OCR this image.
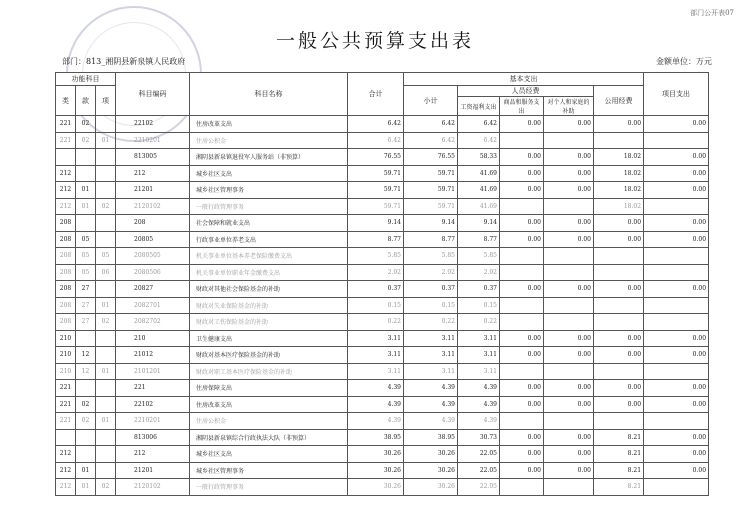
部门公开表07
一般公共预算支出表
部门：813_湘阴县新泉镇人民政府	金额单位：万元
功能科目			科目编码	科目名称	合计	基本支出					项目支出
类	款	项				小计	人员经费			公用经费	
							工资福利支出	商品和服务支出	对个人和家庭的补助		

221	02		22102	住房改革支出	6.42	6.42	6.42	0.00	0.00	0.00	0.00
221	02	01	2210201	住房公积金	6.42	6.42	6.42				
			813005	湘阴县新泉镇退役军人服务站（非预算）	76.55	76.55	58.33	0.00	0.00	18.02	0.00
212			212	城乡社区支出	59.71	59.71	41.69	0.00	0.00	18.02	0.00
212	01		21201	城乡社区管理事务	59.71	59.71	41.69	0.00	0.00	18.02	0.00
212	01	02	2120102	一般行政管理事务	59.71	59.71	41.69			18.02	
208			208	社会保障和就业支出	9.14	9.14	9.14	0.00	0.00	0.00	0.00
208	05		20805	行政事业单位养老支出	8.77	8.77	8.77	0.00	0.00	0.00	0.00
208	05	05	2080505	机关事业单位基本养老保险缴费支出	5.85	5.85	5.85				
208	05	06	2080506	机关事业单位职业年金缴费支出	2.92	2.92	2.92				
208	27		20827	财政对其他社会保险基金的补助	0.37	0.37	0.37	0.00	0.00	0.00	0.00
208	27	01	2082701	财政对失业保险基金的补助	0.15	0.15	0.15				
208	27	02	2082702	财政对工伤保险基金的补助	0.22	0.22	0.22				
210			210	卫生健康支出	3.11	3.11	3.11	0.00	0.00	0.00	0.00
210	12		21012	财政对基本医疗保险基金的补助	3.11	3.11	3.11	0.00	0.00	0.00	0.00
210	12	01	2101201	财政对职工基本医疗保险基金的补助	3.11	3.11	3.11				
221			221	住房保障支出	4.39	4.39	4.39	0.00	0.00	0.00	0.00
221	02		22102	住房改革支出	4.39	4.39	4.39	0.00	0.00	0.00	0.00
221	02	01	2210201	住房公积金	4.39	4.39	4.39				
			813006	湘阴县新泉镇综合行政执法大队（非预算）	38.95	38.95	30.73	0.00	0.00	8.21	0.00
212			212	城乡社区支出	30.26	30.26	22.05	0.00	0.00	8.21	0.00
212	01		21201	城乡社区管理事务	30.26	30.26	22.05	0.00	0.00	8.21	0.00
212	01	02	2120102	一般行政管理事务	30.26	30.26	22.05			8.21	
